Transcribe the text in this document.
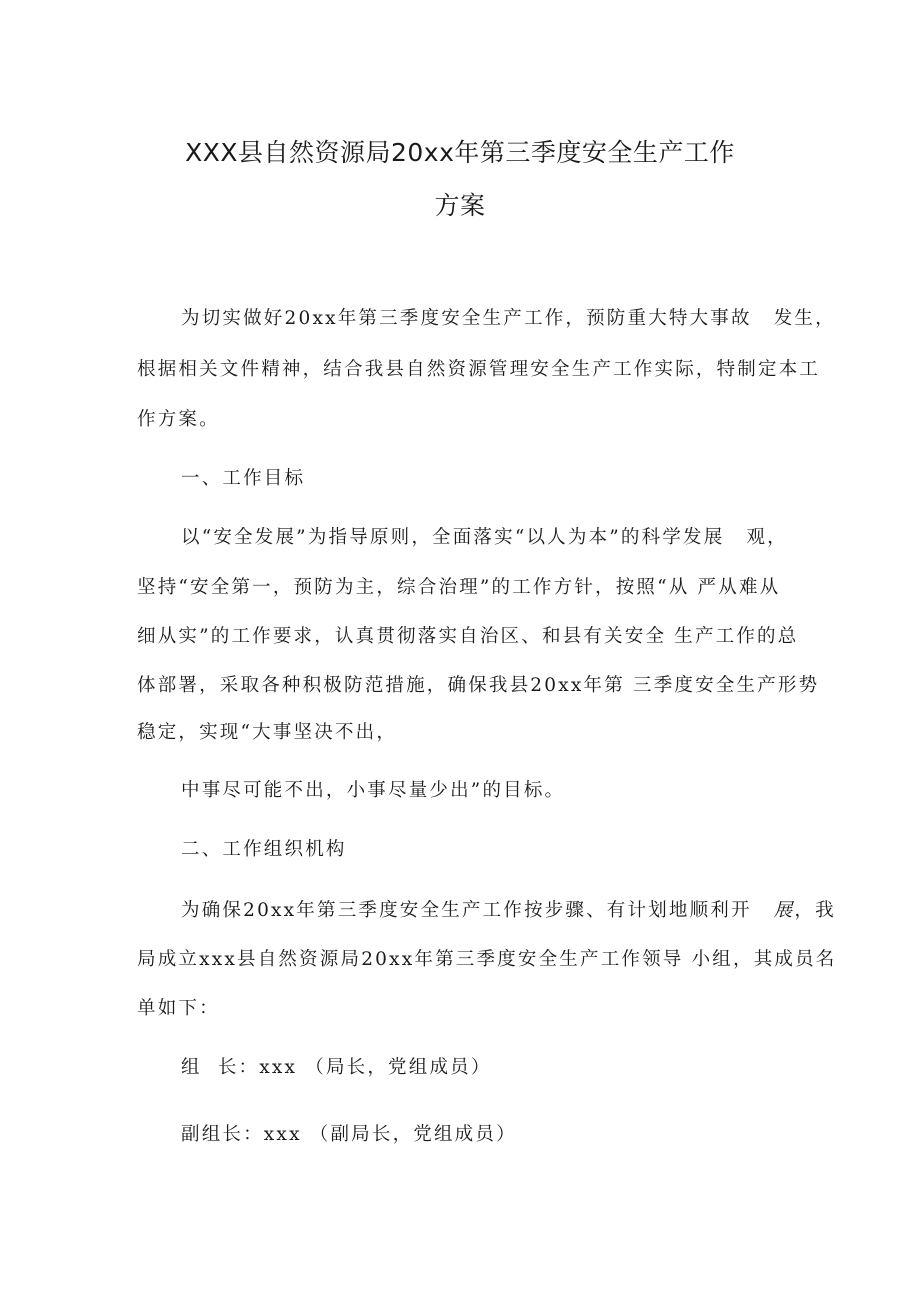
XXX县自然资源局20xx年第三季度安全生产工作
方案

为切实做好20xx年第三季度安全生产工作，预防重大特大事故 发生，

根据相关文件精神，结合我县自然资源管理安全生产工作实际，特制定本工

作方案。

一、工作目标

以“安全发展”为指导原则，全面落实“以人为本”的科学发展 观，

坚持“安全第一，预防为主，综合治理”的工作方针，按照“从 严从难从

细从实”的工作要求，认真贯彻落实自治区、和县有关安全 生产工作的总

体部署，采取各种积极防范措施，确保我县20xx年第 三季度安全生产形势

稳定，实现“大事坚决不出，

中事尽可能不出，小事尽量少出”的目标。

二、工作组织机构

为确保20xx年第三季度安全生产工作按步骤、有计划地顺利开 展，我

局成立xxx县自然资源局20xx年第三季度安全生产工作领导 小组，其成员名

单如下：

组  长：xxx （局长，党组成员）

副组长：xxx （副局长，党组成员）
